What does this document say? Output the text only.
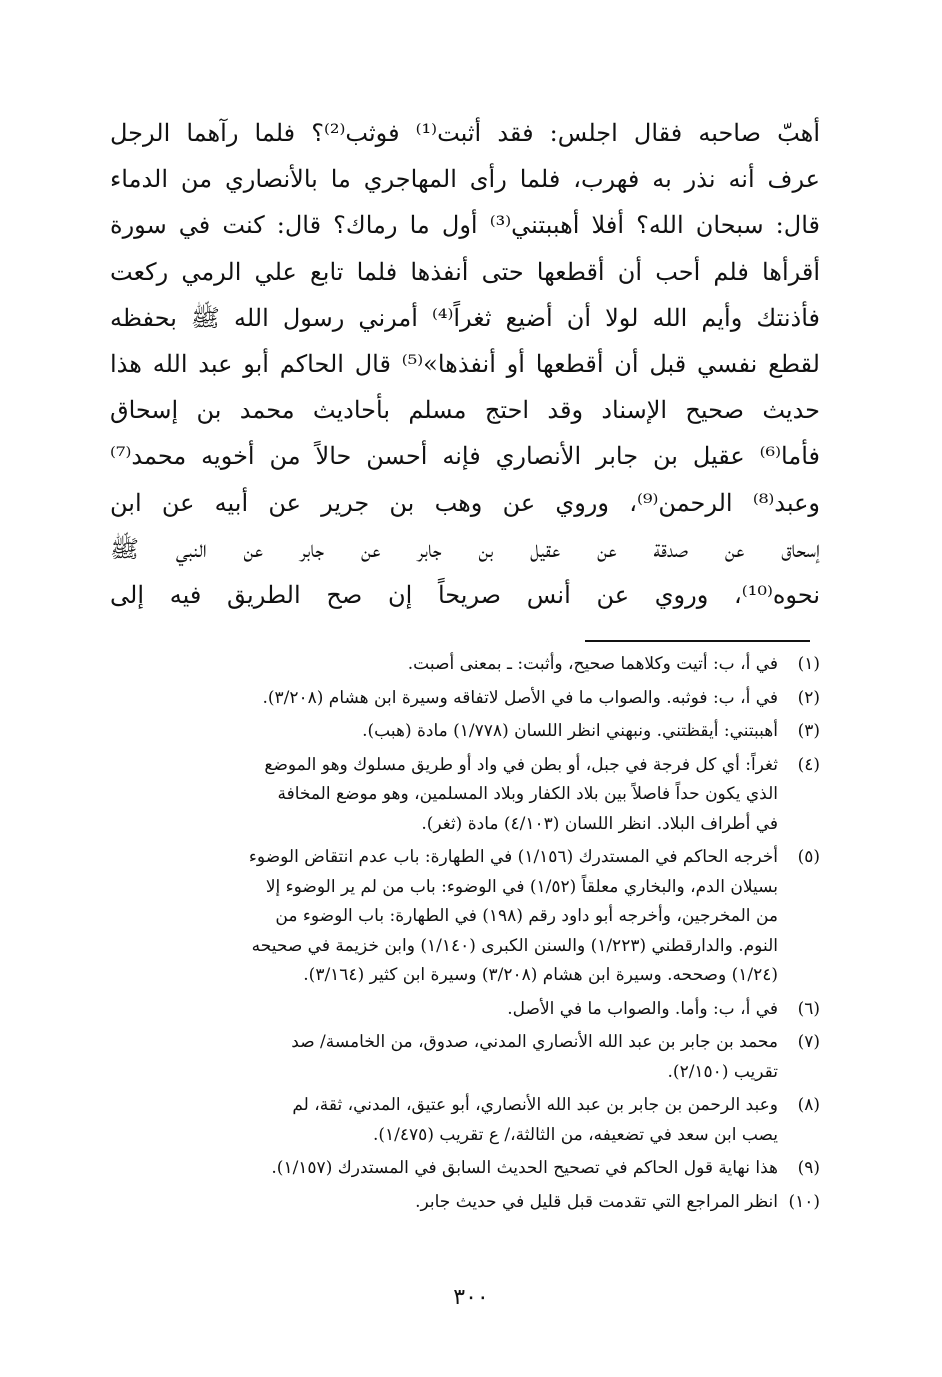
أهبّ صاحبه فقال اجلس: فقد أثبت⁽¹⁾ فوثب⁽²⁾؟ فلما رآهما الرجل
عرف أنه نذر به فهرب، فلما رأى المهاجري ما بالأنصاري من الدماء
قال: سبحان الله؟ أفلا أهببتني⁽³⁾ أول ما رماك؟ قال: كنت في سورة
أقرأها فلم أحب أن أقطعها حتى أنفذها فلما تابع علي الرمي ركعت
فأذنتك وأيم الله لولا أن أضيع ثغراً⁽⁴⁾ أمرني رسول الله ﷺ بحفظه
لقطع نفسي قبل أن أقطعها أو أنفذها»⁽⁵⁾ قال الحاكم أبو عبد الله هذا
حديث صحيح الإسناد وقد احتج مسلم بأحاديث محمد بن إسحاق
فأما⁽⁶⁾ عقيل بن جابر الأنصاري فإنه أحسن حالاً من أخويه محمد⁽⁷⁾
وعبد⁽⁸⁾ الرحمن⁽⁹⁾، وروي عن وهب بن جرير عن أبيه عن ابن
إسحاق عن صدقة عن عقيل بن جابر عن جابر عن النبي ﷺ
نحوه⁽¹⁰⁾، وروي عن أنس صريحاً إن صح الطريق فيه إلى
(١)
في أ، ب: أتيت وكلاهما صحيح، وأثبت: ـ بمعنى أصبت.
(٢)
في أ، ب: فوثبه. والصواب ما في الأصل لاتفاقه وسيرة ابن هشام (٣/٢٠٨).
(٣)
أهببتني: أيقظتني. ونبهني انظر اللسان (١/٧٧٨) مادة (هبب).
(٤)
ثغراً: أي كل فرجة في جبل، أو بطن في واد أو طريق مسلوك وهو الموضع
الذي يكون حداً فاصلاً بين بلاد الكفار وبلاد المسلمين، وهو موضع المخافة
في أطراف البلاد. انظر اللسان (٤/١٠٣) مادة (ثغر).
(٥)
أخرجه الحاكم في المستدرك (١/١٥٦) في الطهارة: باب عدم انتقاض الوضوء
بسيلان الدم، والبخاري معلقاً (١/٥٢) في الوضوء: باب من لم ير الوضوء إلا
من المخرجين، وأخرجه أبو داود رقم (١٩٨) في الطهارة: باب الوضوء من
النوم. والدارقطني (١/٢٢٣) والسنن الكبرى (١/١٤٠) وابن خزيمة في صحيحه
(١/٢٤) وصححه. وسيرة ابن هشام (٣/٢٠٨) وسيرة ابن كثير (٣/١٦٤).
(٦)
في أ، ب: وأما. والصواب ما في الأصل.
(٧)
محمد بن جابر بن عبد الله الأنصاري المدني، صدوق، من الخامسة/ صد
تقريب (٢/١٥٠).
(٨)
وعبد الرحمن بن جابر بن عبد الله الأنصاري، أبو عتيق، المدني، ثقة، لم
يصب ابن سعد في تضعيفه، من الثالثة،/ ع تقريب (١/٤٧٥).
(٩)
هذا نهاية قول الحاكم في تصحيح الحديث السابق في المستدرك (١/١٥٧).
(١٠)
انظر المراجع التي تقدمت قبل قليل في حديث جابر.
٣٠٠
